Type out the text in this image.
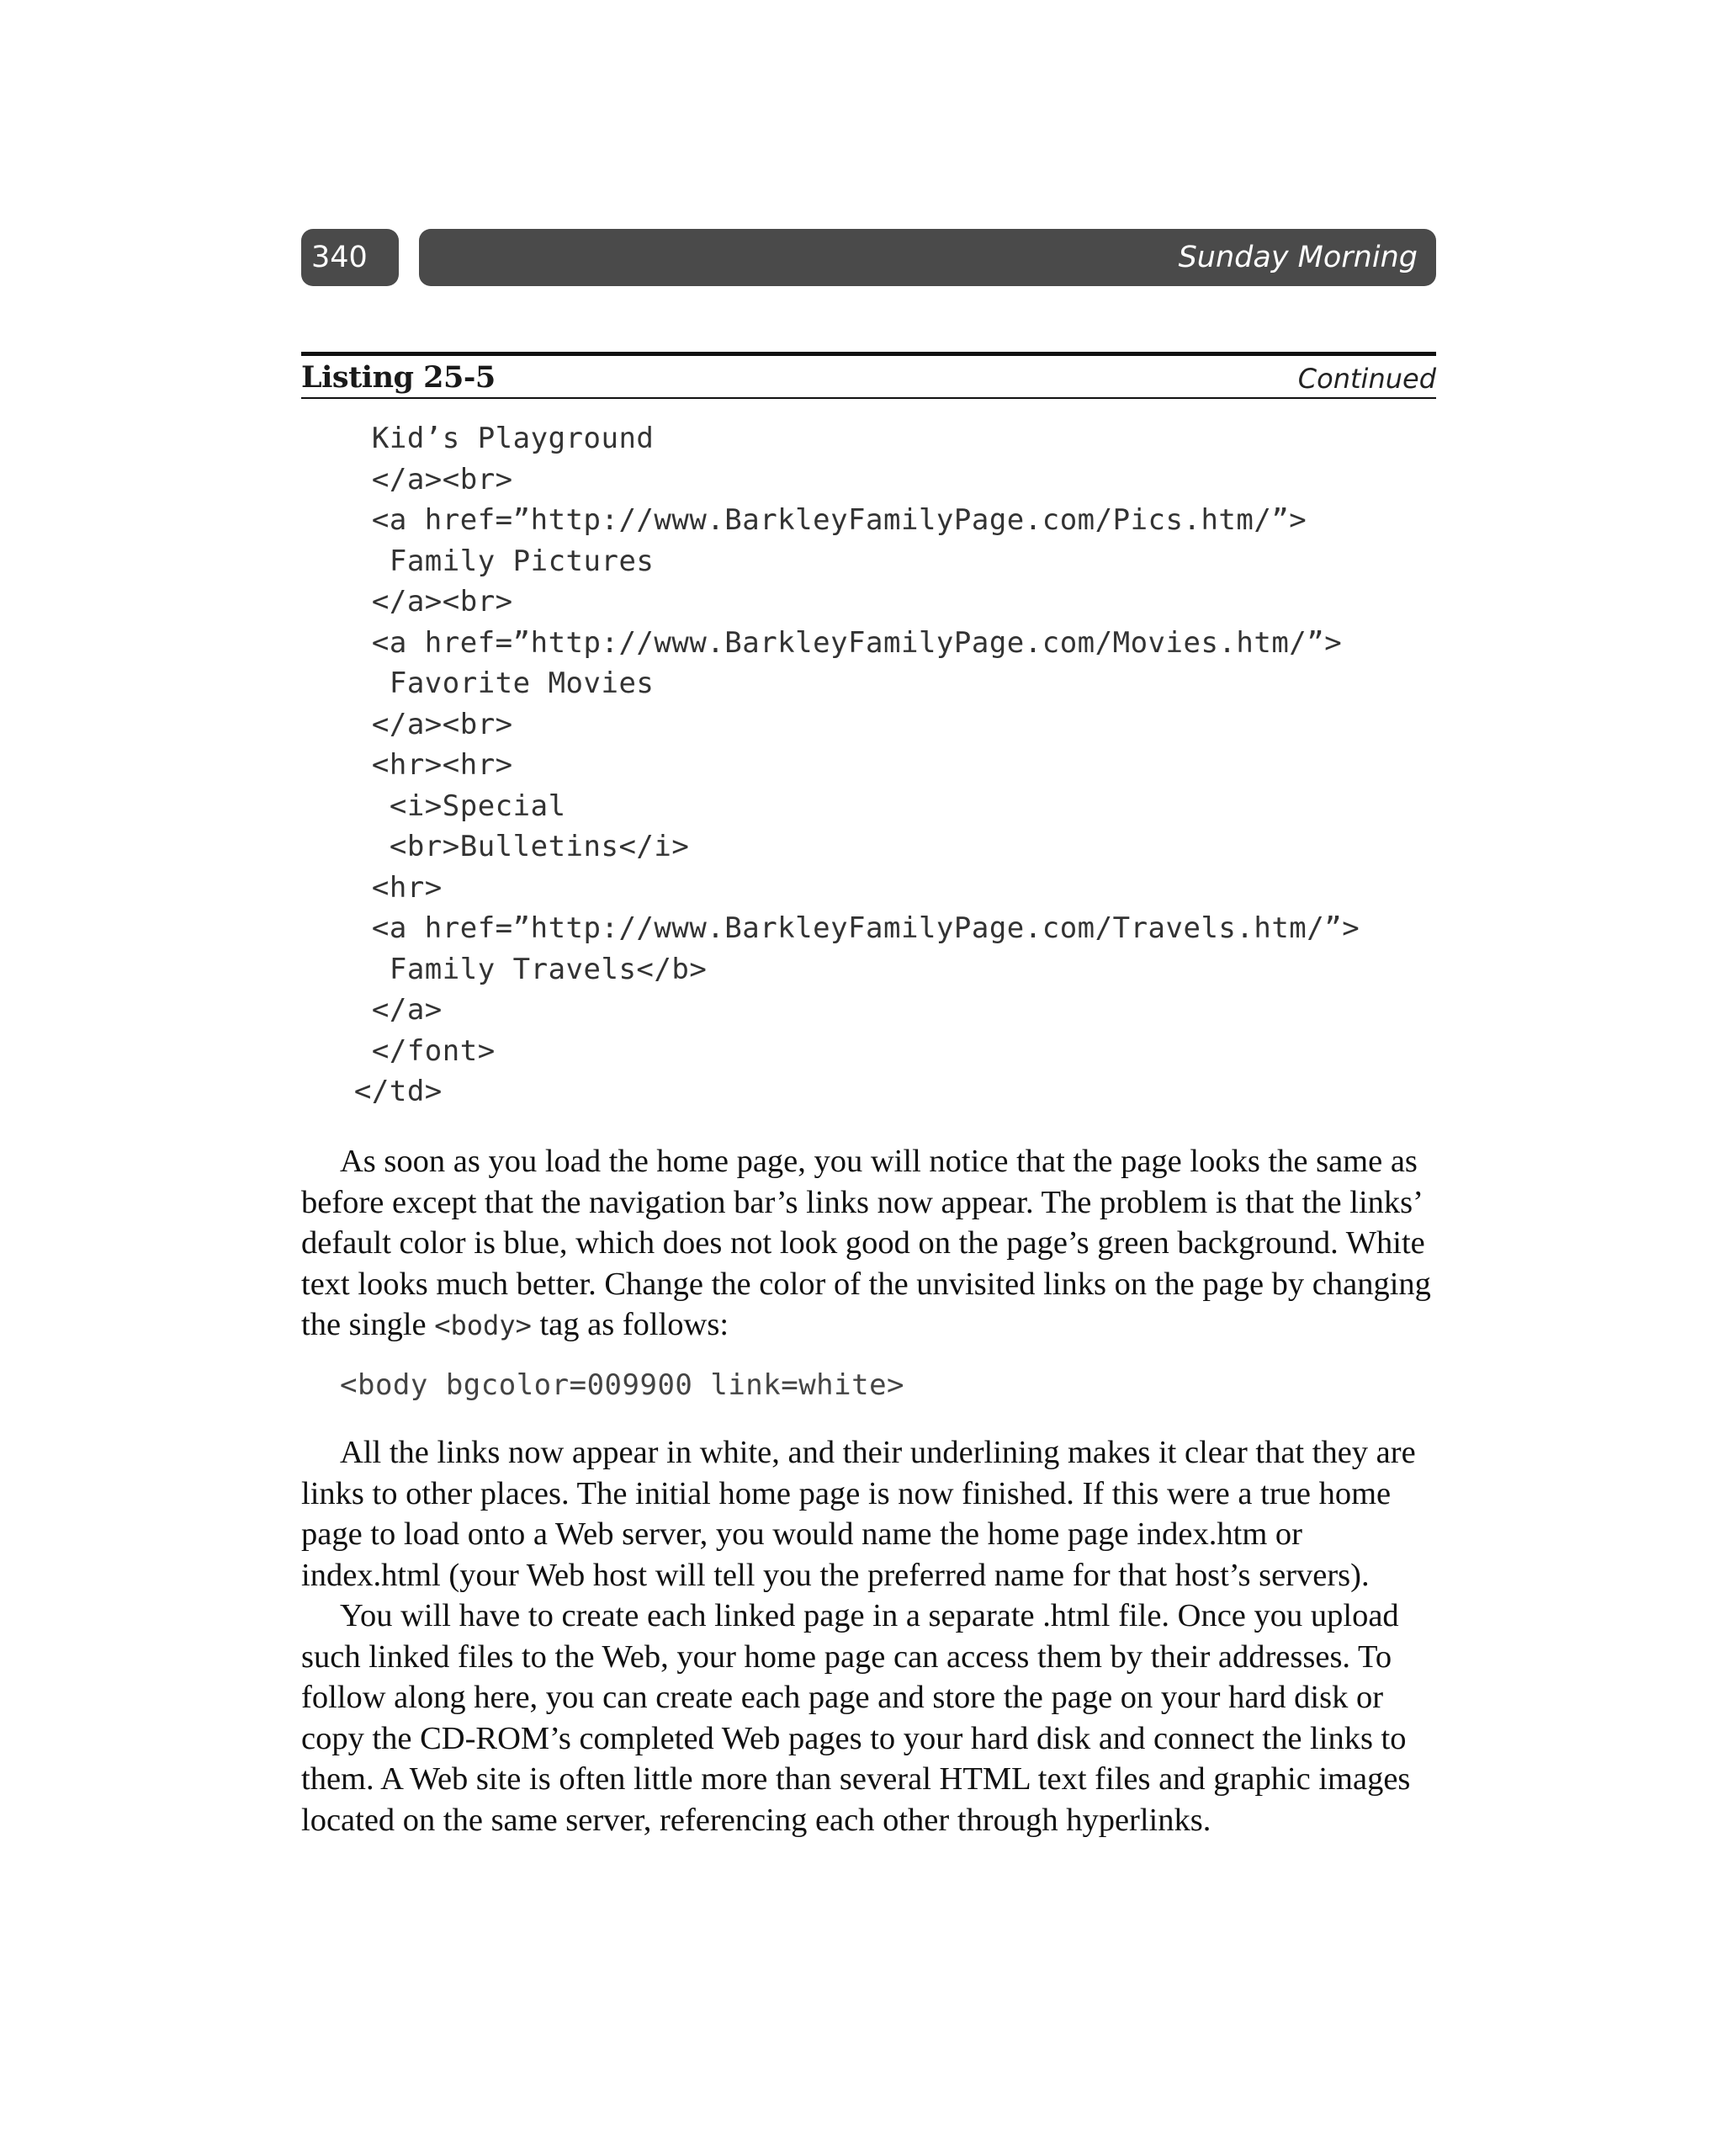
340	Sunday Morning
Listing 25-5	Continued
Kid’s Playground
</a><br>
<a href=”http://www.BarkleyFamilyPage.com/Pics.htm/”>
Family Pictures
</a><br>
<a href=”http://www.BarkleyFamilyPage.com/Movies.htm/”>
Favorite Movies
</a><br>
<hr><hr>
<i>Special
<br>Bulletins</i>
<hr>
<a href=”http://www.BarkleyFamilyPage.com/Travels.htm/”>
Family Travels</b>
</a>
</font>
</td>

As soon as you load the home page, you will notice that the page looks the same as before except that the navigation bar’s links now appear. The problem is that the links’ default color is blue, which does not look good on the page’s green background. White text looks much better. Change the color of the unvisited links on the page by changing the single <body> tag as follows:

<body bgcolor=009900 link=white>

All the links now appear in white, and their underlining makes it clear that they are links to other places. The initial home page is now finished. If this were a true home page to load onto a Web server, you would name the home page index.htm or index.html (your Web host will tell you the preferred name for that host’s servers).

You will have to create each linked page in a separate .html file. Once you upload such linked files to the Web, your home page can access them by their addresses. To follow along here, you can create each page and store the page on your hard disk or copy the CD-ROM’s completed Web pages to your hard disk and connect the links to them. A Web site is often little more than several HTML text files and graphic images located on the same server, referencing each other through hyperlinks.
